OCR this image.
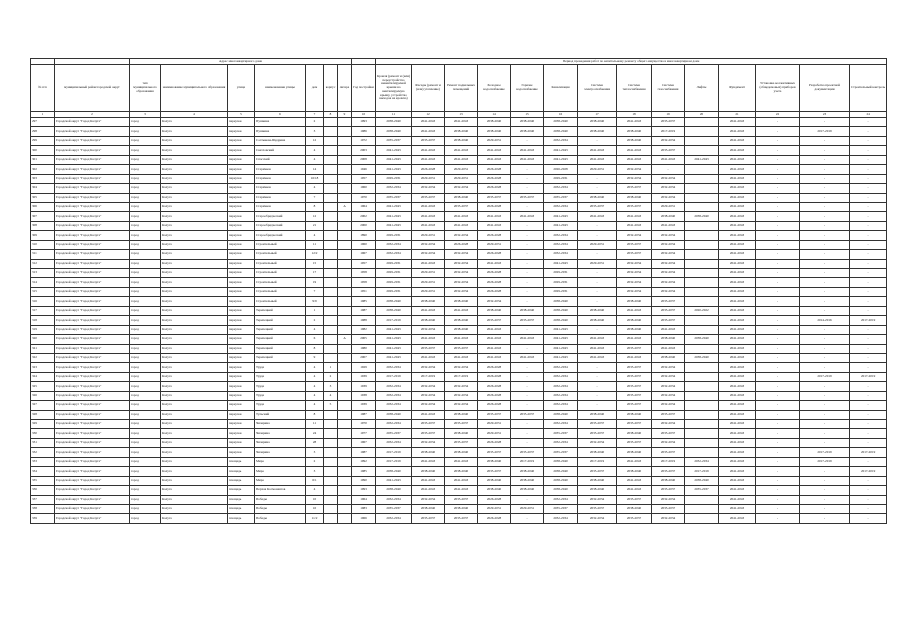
		Адрес многоквартирного дома								Период проведения работ по капитальному ремонту общего имущества в многоквартирном доме													
№ п/п	муниципальный район/городской округ	тип муниципального образования	наименование муниципального образования	улица	наименование улицы	дом	корпус	литера	Год постройки	Кровля (ремонт и (или) переустройство невентилируемой крыши на вентилируемую крышу, устройство выходов на кровлю)	Фасады (ремонт и (или) утепление)	Ремонт подвальных помещений	Холодное водоснабжение	Горячее водоснабжение	Канализация	Система электроснабжения	Система теплоснабжения	Система газоснабжения	Лифты	Фундамент	Установка коллективных (общедомовых) приборов учета	Разработка проектной документации	Строительный контроль
1	2	3	4	5	6	7	8	9	10	11	12	13	14	15	16	17	18	19	20	21	22	23	24
297	Городской округ "Город Калуга"	город	Калуга	переулок	Пушкина	2			1993	2038-2040	2041-2043	2041-2043	2038-2040	2038-2040	2038-2040	2038-2040	2041-2043	2035-2037		2041-2043	-	-	-
298	Городской округ "Город Калуга"	город	Калуга	переулок	Пушкина	3			1986	2038-2040	2041-2043	2038-2040	2038-2040	2038-2040	2038-2040	2038-2040	2038-2040	2017-2019		2041-2043	-	2017-2019	-
299	Городской округ "Город Калуга"	город	Калуга	переулок	Салтыкова-Щедрина	12			1972	2035-2037	2035-2037	2038-2040	2029-2031	-	2032-2034	-	2038-2040	2032-2034		2041-2043	-	-	-
300	Городской округ "Город Калуга"	город	Калуга	переулок	Светловский	4			2003	2041-2043	2041-2043	2041-2043	2041-2043	2041-2043	2041-2043	2041-2043	2041-2043	2035-2037		2041-2043	-	-	-
301	Городской округ "Город Калуга"	город	Калуга	переулок	Спасский	4			2008	2041-2043	2041-2043	2041-2043	2041-2043	2041-2043	2041-2043	2041-2043	2041-2043	2041-2043	2041-2043	2041-2043	-	-	-
302	Городской округ "Город Калуга"	город	Калуга	переулок	Старичков	14			1946	2041-2043	2026-2028	2029-2031	2026-2028	-	2026-2028	2029-2031	2032-2034	-		2041-2043	-	-	-
303	Городской округ "Город Калуга"	город	Калуга	переулок	Старичков	16/18			1957	2029-2031	2029-2031	2029-2031	2026-2028	-	2029-2031	-	2032-2034	2032-2034		2041-2043	-	-	-
304	Городской округ "Город Калуга"	город	Калуга	переулок	Старичков	4			1960	2032-2034	2032-2034	2032-2034	2026-2028	-	2032-2034	-	2035-2037	2032-2034		2041-2043	-	-	-
305	Городской округ "Город Калуга"	город	Калуга	переулок	Старичков	7			1970	2035-2037	2035-2037	2038-2040	2035-2037	2035-2037	2035-2037	2038-2040	2038-2040	2032-2034		2041-2043	-	-	-
306	Городской округ "Город Калуга"	город	Калуга	переулок	Старичков	8		А	1964	2041-2043	2041-2043	2035-2037	2026-2028	-	2032-2034	2035-2037	2035-2037	2029-2031		2041-2043	-	-	-
307	Городской округ "Город Калуга"	город	Калуга	переулок	Старообрядческий	12			2002	2041-2043	2041-2043	2041-2043	2041-2043	2041-2043	2041-2043	2041-2043	2041-2043	2038-2040	2038-2040	2041-2043	-	-	-
308	Городской округ "Город Калуга"	город	Калуга	переулок	Старообрядческий	21			2000	2041-2043	2041-2043	2041-2043	2041-2043	-	2041-2043	-	2041-2043	2041-2043		2041-2043	-	-	-
309	Городской округ "Город Калуга"	город	Калуга	переулок	Старообрядческий	4			1890	2029-2031	2029-2031	2032-2034	2026-2028	-	2032-2034	-	2032-2034	2032-2034		2041-2043	-	-	-
310	Городской округ "Город Калуга"	город	Калуга	переулок	Строительный	11			1960	2032-2034	2032-2034	2026-2028	2029-2031	-	2032-2034	2029-2031	2035-2037	2032-2034		2041-2043	-	-	-
311	Городской округ "Город Калуга"	город	Калуга	переулок	Строительный	12/2			1967	2032-2034	2032-2034	2032-2034	2026-2028	-	2032-2034	-	2035-2037	2032-2034		2041-2043	-	-	-
312	Городской округ "Город Калуга"	город	Калуга	переулок	Строительный	15			1957	2029-2031	2041-2043	2032-2034	2041-2043	-	2041-2043	2029-2031	2032-2034	2032-2034		2041-2043	-	-	-
313	Городской округ "Город Калуга"	город	Калуга	переулок	Строительный	17			1958	2029-2031	2029-2031	2032-2034	2026-2028	-	2029-2031	-	2032-2034	2032-2034		2041-2043	-	-	-
314	Городской округ "Город Калуга"	город	Калуга	переулок	Строительный	19			1958	2029-2031	2029-2031	2032-2034	2026-2028	-	2029-2031	-	2032-2034	2032-2034		2041-2043	-	-	-
315	Городской округ "Город Калуга"	город	Калуга	переулок	Строительный	7			1951	2029-2031	2029-2031	2032-2034	2026-2028	-	2029-2031	-	2032-2034	2032-2034		2041-2043	-	-	-
316	Городской округ "Город Калуга"	город	Калуга	переулок	Строительный	9/9			1985	2038-2040	2038-2040	2038-2040	2032-2034	-	2038-2040	-	2038-2040	2035-2037		2041-2043	-	-	-
317	Городской округ "Город Калуга"	город	Калуга	переулок	Терепецкий	1			1987	2038-2040	2041-2043	2041-2043	2038-2040	2038-2040	2038-2040	2038-2040	2041-2043	2035-2037	2020-2022	2041-2043	-	-	-
318	Городской округ "Город Калуга"	город	Калуга	переулок	Терепецкий	2			1988	2017-2019	2038-2040	2038-2040	2035-2037	2035-2037	2038-2040	2038-2040	2038-2040	2035-2037		2041-2043	-	2014-2016	2017-2019
319	Городской округ "Город Калуга"	город	Калуга	переулок	Терепецкий	4			1982	2041-2043	2032-2034	2038-2040	2041-2043	-	2041-2043	-	2038-2040	2041-2043		2041-2043	-	-	-
320	Городской округ "Город Калуга"	город	Калуга	переулок	Терепецкий	6		А	2005	2041-2043	2041-2043	2041-2043	2041-2043	2041-2043	2041-2043	2041-2043	2041-2043	2038-2040	2038-2040	2041-2043	-	-	-
321	Городской округ "Город Калуга"	город	Калуга	переулок	Терепецкий	8			1980	2041-2043	2035-2037	2035-2037	2041-2043	-	2041-2043	2041-2043	2035-2037	2041-2043		2041-2043	-	-	-
322	Городской округ "Город Калуга"	город	Калуга	переулок	Терепецкий	9			2007	2041-2043	2041-2043	2041-2043	2041-2043	2041-2043	2041-2043	2041-2043	2041-2043	2038-2040	2038-2040	2041-2043	-	-	-
323	Городской округ "Город Калуга"	город	Калуга	переулок	Труда	4	1		1929	2032-2034	2032-2034	2032-2034	2026-2028	-	2032-2034	-	2035-2037	2032-2034		2041-2043	-	-	-
324	Городской округ "Город Калуга"	город	Калуга	переулок	Труда	4	2		1939	2017-2019	2017-2019	2017-2019	2026-2028	-	2032-2034	-	2035-2037	2032-2034		2041-2043	-	2017-2019	2017-2019
325	Городской округ "Город Калуга"	город	Калуга	переулок	Труда	4	3		1939	2032-2034	2032-2034	2032-2034	2026-2028	-	2032-2034	-	2035-2037	2032-2034		2041-2043	-	-	-
326	Городской округ "Город Калуга"	город	Калуга	переулок	Труда	4	4		1938	2032-2034	2032-2034	2032-2034	2026-2028	-	2032-2034	-	2035-2037	2032-2034		2041-2043	-	-	-
327	Городской округ "Город Калуга"	город	Калуга	переулок	Труда	4	5		1939	2032-2034	2032-2034	2032-2034	2026-2028	-	2032-2034	-	2035-2037	2032-2034		2041-2043	-	-	-
328	Городской округ "Город Калуга"	город	Калуга	переулок	Тульский	8			1987	2038-2040	2041-2043	2038-2040	2035-2037	2035-2037	2038-2040	2038-2040	2038-2040	2035-2037		2041-2043	-	-	-
329	Городской округ "Город Калуга"	город	Калуга	переулок	Чичерина	11			1970	2032-2034	2035-2037	2035-2037	2029-2031	-	2032-2034	2035-2037	2035-2037	2032-2034		2041-2043	-	-	-
330	Городской округ "Город Калуга"	город	Калуга	переулок	Чичерина	24			1977	2035-2037	2035-2037	2038-2040	2029-2031	-	2035-2037	2035-2037	2038-2040	2035-2037		2041-2043	-	-	-
331	Городской округ "Город Калуга"	город	Калуга	переулок	Чичерина	28			1967	2032-2034	2032-2034	2035-2037	2026-2028	-	2032-2034	2032-2034	2035-2037	2032-2034		2041-2043	-	-	-
332	Городской округ "Город Калуга"	город	Калуга	переулок	Чичерина	3			1987	2017-2019	2038-2040	2038-2040	2035-2037	2035-2037	2035-2037	2038-2040	2038-2040	2035-2037		2041-2043	-	2017-2019	2017-2019
333	Городской округ "Город Калуга"	город	Калуга	площадь	Мира	2			1992	2017-2019	2041-2043	2041-2043	2038-2040	2017-2019	2038-2040	2017-2019	2041-2043	2017-2019	2032-2034	2041-2043	-	2017-2019	-
334	Городской округ "Город Калуга"	город	Калуга	площадь	Мира	3			1985	2038-2040	2038-2040	2038-2040	2035-2037	2038-2040	2038-2040	2035-2037	2038-2040	2035-2037	2017-2019	2041-2043	-	-	2017-2019
335	Городской округ "Город Калуга"	город	Калуга	площадь	Мира	6/1			1990	2041-2043	2041-2043	2041-2043	2038-2040	2038-2040	2038-2040	2038-2040	2041-2043	2038-2040	2038-2040	2041-2043	-	-	-
336	Городской округ "Город Калуга"	город	Калуга	площадь	Перхов Космонавтов	4			1993	2038-2040	2041-2043	2041-2043	2038-2040	2038-2040	2038-2040	2038-2040	2041-2043	2035-2037	2035-2037	2041-2043	-	-	-
337	Городской округ "Город Калуга"	город	Калуга	площадь	Победы	10			1964	2032-2034	2032-2034	2035-2037	2026-2028	-	2032-2034	2032-2034	2035-2037	2032-2034		2041-2043	-	-	-
338	Городской округ "Город Калуга"	город	Калуга	площадь	Победы	10			1983	2035-2037	2038-2040	2038-2040	2029-2031	2029-2031	2035-2037	2035-2037	2038-2040	2035-2037		2041-2043	-	-	-
339	Городской округ "Город Калуга"	город	Калуга	площадь	Победы	11/2			1966	2032-2034	2035-2037	2035-2037	2026-2028	-	2032-2034	2032-2034	2035-2037	2032-2034		2041-2043	-	-	-
